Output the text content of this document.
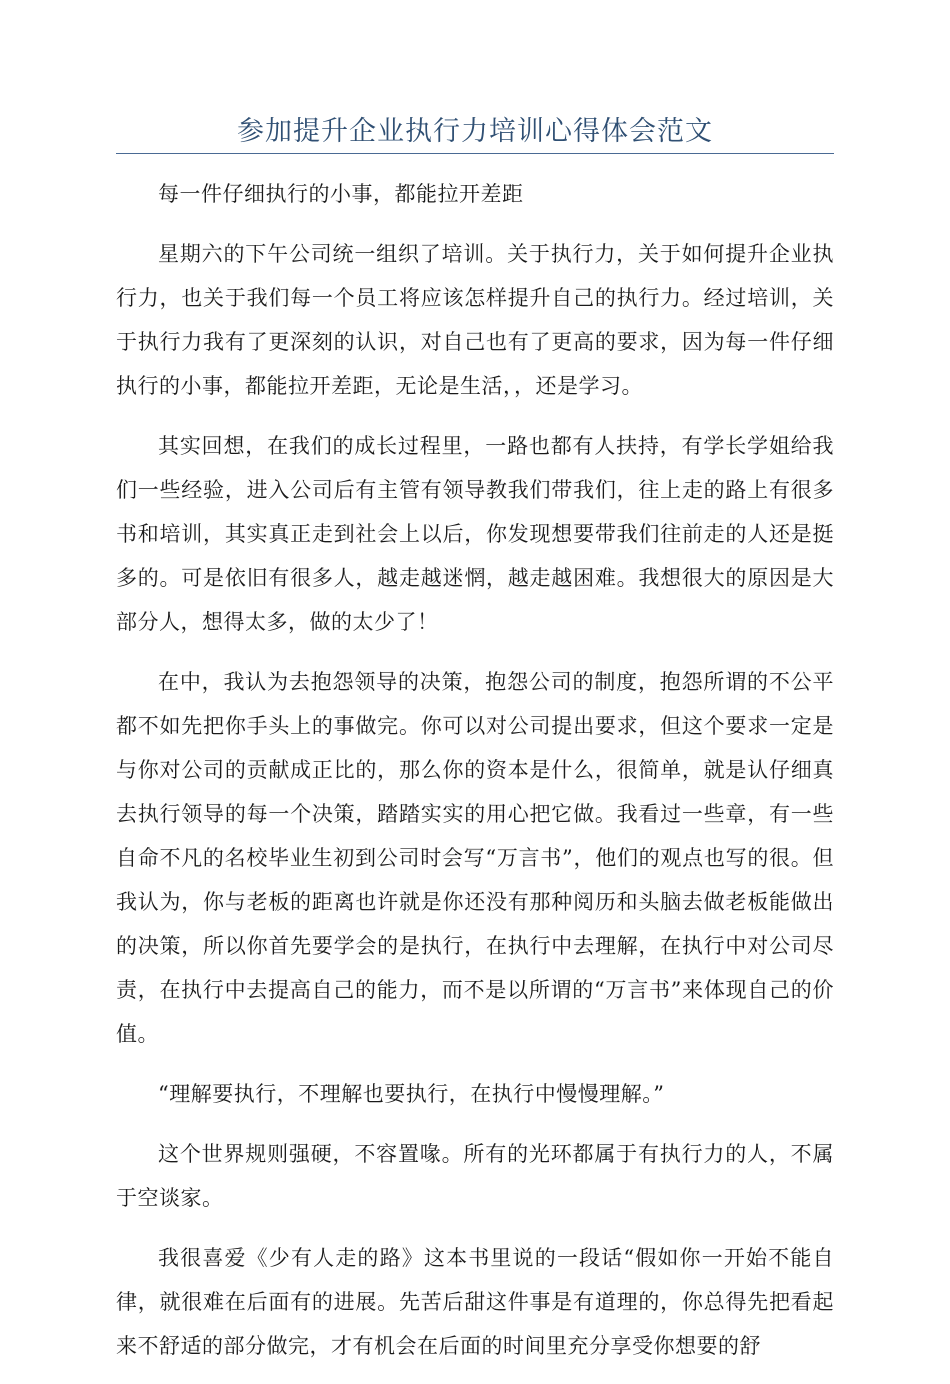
参加提升企业执行力培训心得体会范文

每一件仔细执行的小事，都能拉开差距

星期六的下午公司统一组织了培训。关于执行力，关于如何提升企业执行力，也关于我们每一个员工将应该怎样提升自己的执行力。经过培训，关于执行力我有了更深刻的认识，对自己也有了更高的要求，因为每一件仔细执行的小事，都能拉开差距，无论是生活，，还是学习。

其实回想，在我们的成长过程里，一路也都有人扶持，有学长学姐给我们一些经验，进入公司后有主管有领导教我们带我们，往上走的路上有很多书和培训，其实真正走到社会上以后，你发现想要带我们往前走的人还是挺多的。可是依旧有很多人，越走越迷惘，越走越困难。我想很大的原因是大部分人，想得太多，做的太少了！

在中，我认为去抱怨领导的决策，抱怨公司的制度，抱怨所谓的不公平都不如先把你手头上的事做完。你可以对公司提出要求，但这个要求一定是与你对公司的贡献成正比的，那么你的资本是什么，很简单，就是认仔细真去执行领导的每一个决策，踏踏实实的用心把它做。我看过一些章，有一些自命不凡的名校毕业生初到公司时会写“万言书”，他们的观点也写的很。但我认为，你与老板的距离也许就是你还没有那种阅历和头脑去做老板能做出的决策，所以你首先要学会的是执行，在执行中去理解，在执行中对公司尽责，在执行中去提高自己的能力，而不是以所谓的“万言书”来体现自己的价值。

“理解要执行，不理解也要执行，在执行中慢慢理解。”

这个世界规则强硬，不容置喙。所有的光环都属于有执行力的人，不属于空谈家。

我很喜爱《少有人走的路》这本书里说的一段话“假如你一开始不能自律，就很难在后面有的进展。先苦后甜这件事是有道理的，你总得先把看起来不舒适的部分做完，才有机会在后面的时间里充分享受你想要的舒
